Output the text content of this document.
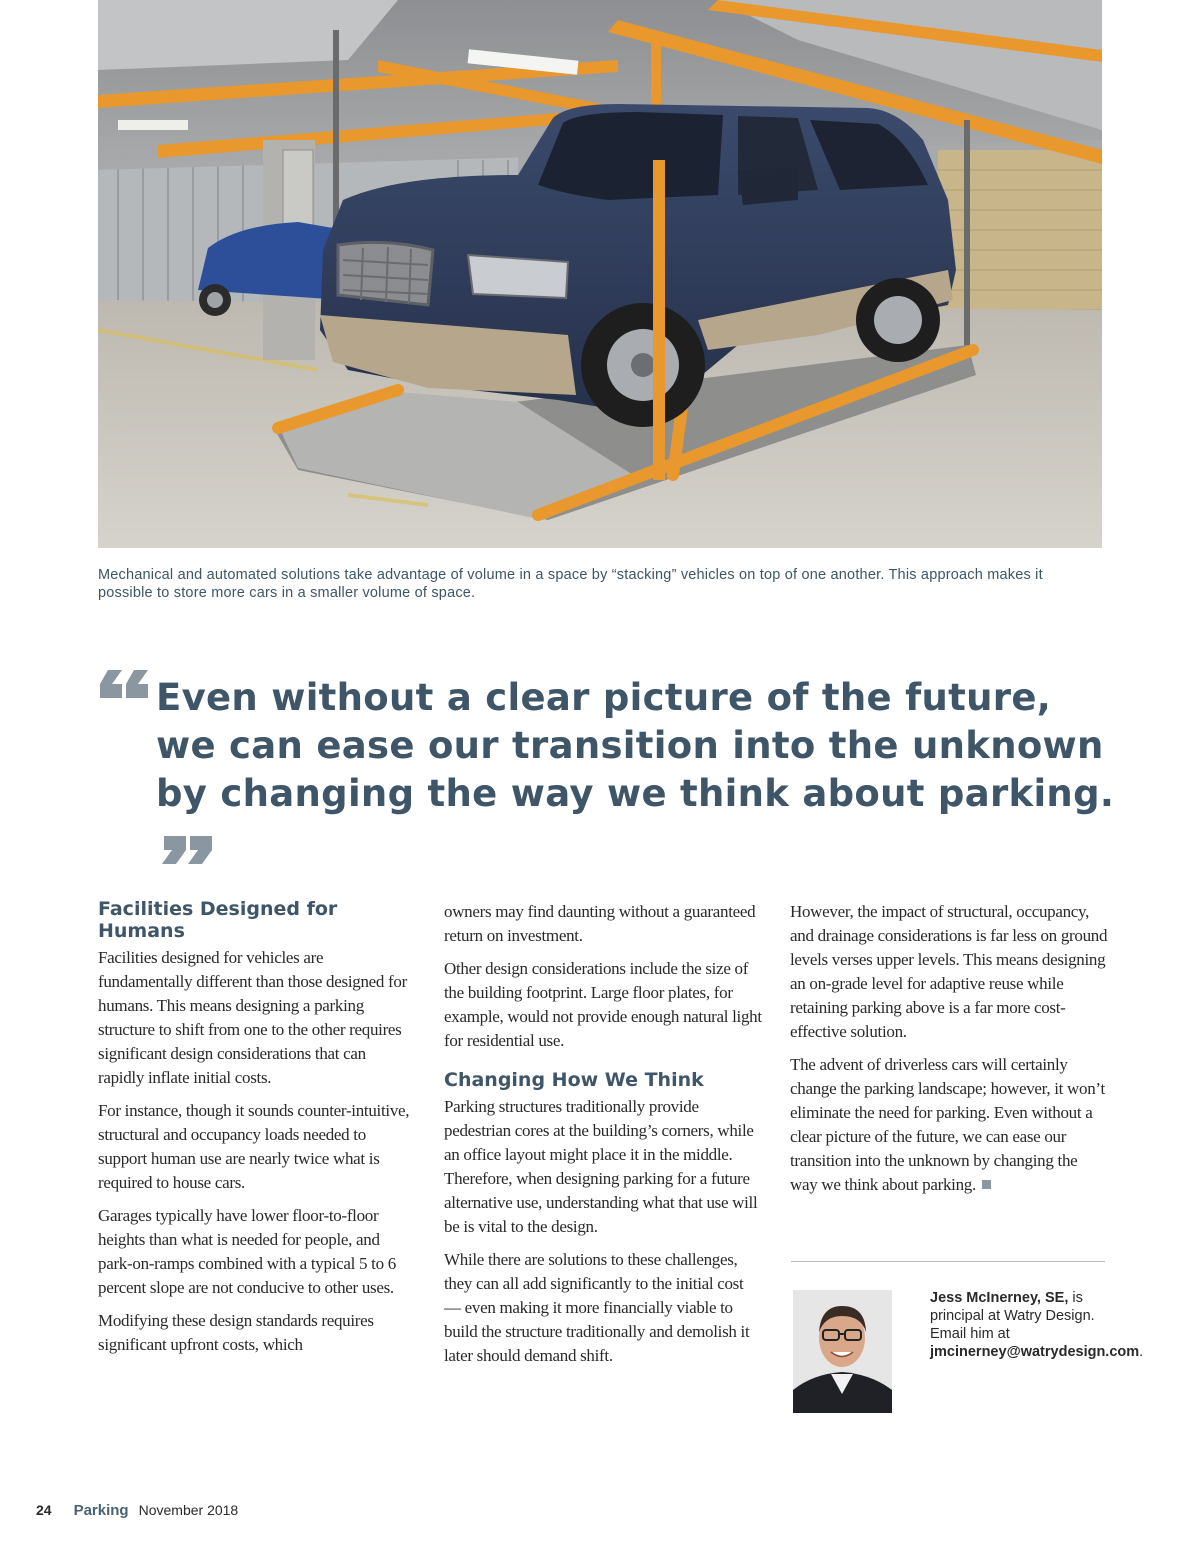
Mechanical and automated solutions take advantage of volume in a space by “stacking” vehicles on top of one another. This approach makes it possible to store more cars in a smaller volume of space.
Even without a clear picture of the future, we can ease our transition into the unknown by changing the way we think about parking.
Facilities Designed for Humans

Facilities designed for vehicles are fundamentally different than those designed for humans. This means designing a parking structure to shift from one to the other requires significant design considerations that can rapidly inflate initial costs.

For instance, though it sounds counter-intuitive, structural and occupancy loads needed to support human use are nearly twice what is required to house cars.

Garages typically have lower floor-to-floor heights than what is needed for people, and park-on-ramps combined with a typical 5 to 6 percent slope are not conducive to other uses.

Modifying these design standards requires significant upfront costs, which

owners may find daunting without a guaranteed return on investment.

Other design considerations include the size of the building footprint. Large floor plates, for example, would not provide enough natural light for residential use.

Changing How We Think

Parking structures traditionally provide pedestrian cores at the building’s corners, while an office layout might place it in the middle. Therefore, when designing parking for a future alternative use, understanding what that use will be is vital to the design.

While there are solutions to these challenges, they can all add significantly to the initial cost — even making it more financially viable to build the structure traditionally and demolish it later should demand shift.

However, the impact of structural, occupancy, and drainage considerations is far less on ground levels verses upper levels. This means designing an on-grade level for adaptive reuse while retaining parking above is a far more cost-effective solution.

The advent of driverless cars will certainly change the parking landscape; however, it won’t eliminate the need for parking. Even without a clear picture of the future, we can ease our transition into the unknown by changing the way we think about parking.

Jess McInerney, SE, is principal at Watry Design. Email him at jmcinerney@watrydesign.com.
24 Parking November 2018
